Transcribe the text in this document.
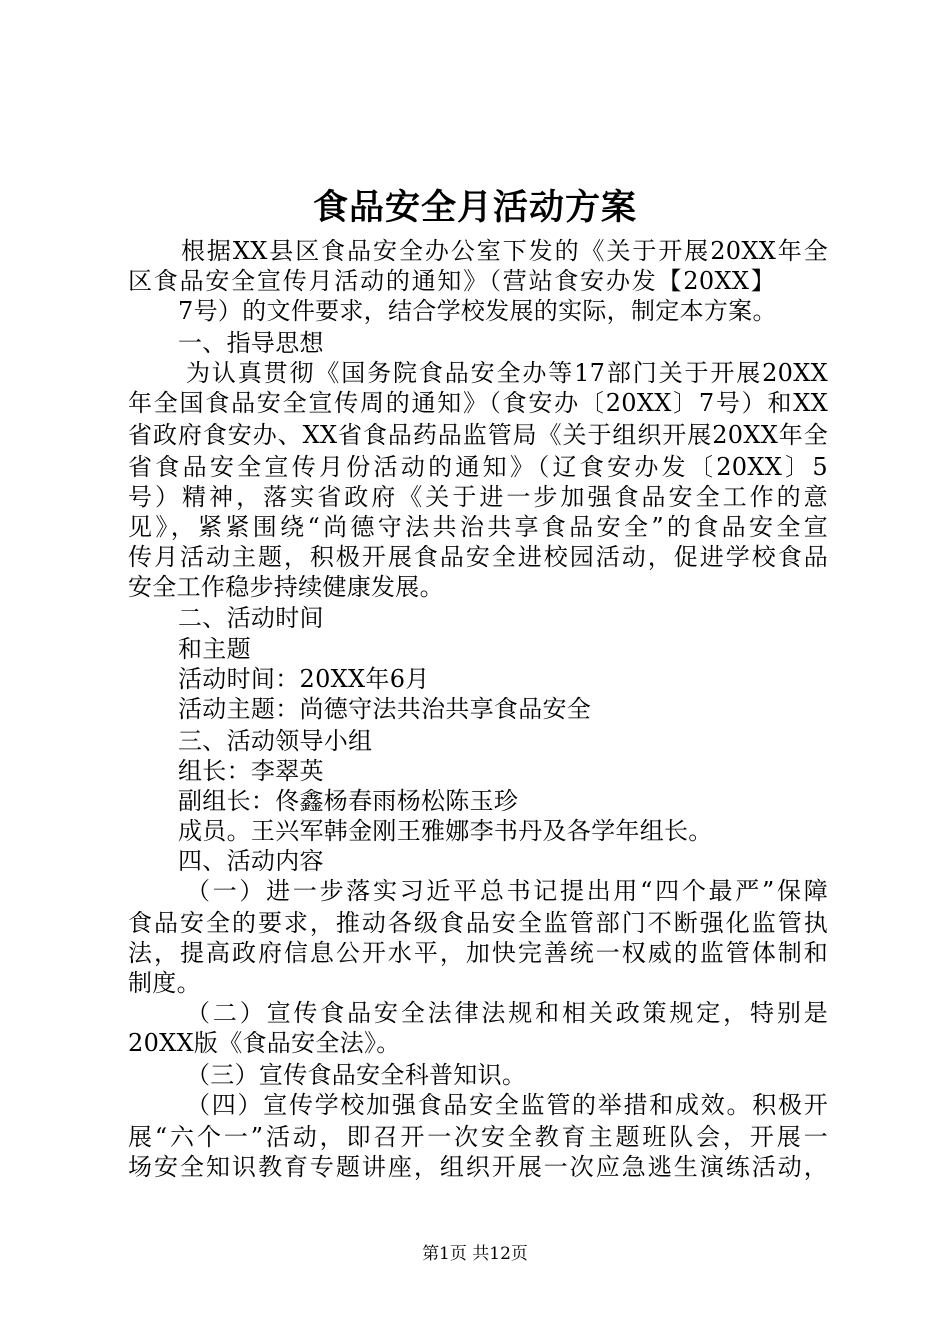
食品安全月活动方案
根据XX县区食品安全办公室下发的《关于开展20XX年全
区食品安全宣传月活动的通知》（营站食安办发【20XX】
7号）的文件要求，结合学校发展的实际，制定本方案。
一、指导思想
为认真贯彻《国务院食品安全办等17部门关于开展20XX
年全国食品安全宣传周的通知》（食安办〔20XX〕7号）和XX
省政府食安办、XX省食品药品监管局《关于组织开展20XX年全
省食品安全宣传月份活动的通知》（辽食安办发〔20XX〕5
号）精神，落实省政府《关于进一步加强食品安全工作的意
见》，紧紧围绕“尚德守法共治共享食品安全”的食品安全宣
传月活动主题，积极开展食品安全进校园活动，促进学校食品
安全工作稳步持续健康发展。
二、活动时间
和主题
活动时间：20XX年6月
活动主题：尚德守法共治共享食品安全
三、活动领导小组
组长：李翠英
副组长：佟鑫杨春雨杨松陈玉珍
成员。王兴军韩金刚王雅娜李书丹及各学年组长。
四、活动内容
（一）进一步落实习近平总书记提出用“四个最严”保障
食品安全的要求，推动各级食品安全监管部门不断强化监管执
法，提高政府信息公开水平，加快完善统一权威的监管体制和
制度。
（二）宣传食品安全法律法规和相关政策规定，特别是
20XX版《食品安全法》。
（三）宣传食品安全科普知识。
（四）宣传学校加强食品安全监管的举措和成效。积极开
展“六个一”活动，即召开一次安全教育主题班队会，开展一
场安全知识教育专题讲座，组织开展一次应急逃生演练活动，
第1页 共12页
